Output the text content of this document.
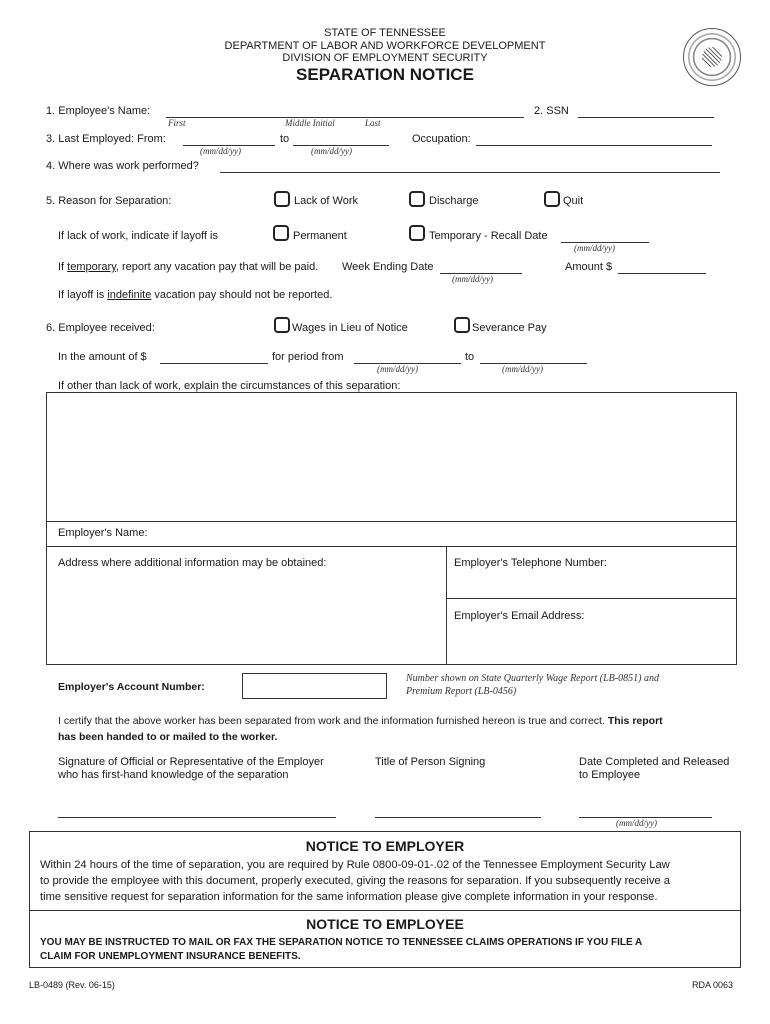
STATE OF TENNESSEE
DEPARTMENT OF LABOR AND WORKFORCE DEVELOPMENT
DIVISION OF EMPLOYMENT SECURITY
SEPARATION NOTICE
1. Employee's Name:
First	Middle Initial	Last
2. SSN
3. Last Employed: From:
(mm/dd/yy)
to
(mm/dd/yy)
Occupation:
4. Where was work performed?
5. Reason for Separation:	Lack of Work	Discharge	Quit
If lack of work, indicate if layoff is	Permanent	Temporary - Recall Date
(mm/dd/yy)
If temporary, report any vacation pay that will be paid. Week Ending Date
(mm/dd/yy)
Amount $
If layoff is indefinite vacation pay should not be reported.
6. Employee received:	Wages in Lieu of Notice	Severance Pay
In the amount of $	for period from
(mm/dd/yy)
to
(mm/dd/yy)
If other than lack of work, explain the circumstances of this separation:
Employer's Name:
Address where additional information may be obtained:	Employer's Telephone Number:
Employer's Email Address:
Employer's Account Number:
Number shown on State Quarterly Wage Report (LB-0851) and
Premium Report (LB-0456)
I certify that the above worker has been separated from work and the information furnished hereon is true and correct. This report
has been handed to or mailed to the worker.
Signature of Official or Representative of the Employer
who has first-hand knowledge of the separation
Title of Person Signing	Date Completed and Released
to Employee
(mm/dd/yy)
NOTICE TO EMPLOYER
Within 24 hours of the time of separation, you are required by Rule 0800-09-01-.02 of the Tennessee Employment Security Law
to provide the employee with this document, properly executed, giving the reasons for separation. If you subsequently receive a
time sensitive request for separation information for the same information please give complete information in your response.
NOTICE TO EMPLOYEE
YOU MAY BE INSTRUCTED TO MAIL OR FAX THE SEPARATION NOTICE TO TENNESSEE CLAIMS OPERATIONS IF YOU FILE A
CLAIM FOR UNEMPLOYMENT INSURANCE BENEFITS.
LB-0489 (Rev. 06-15)	RDA 0063
